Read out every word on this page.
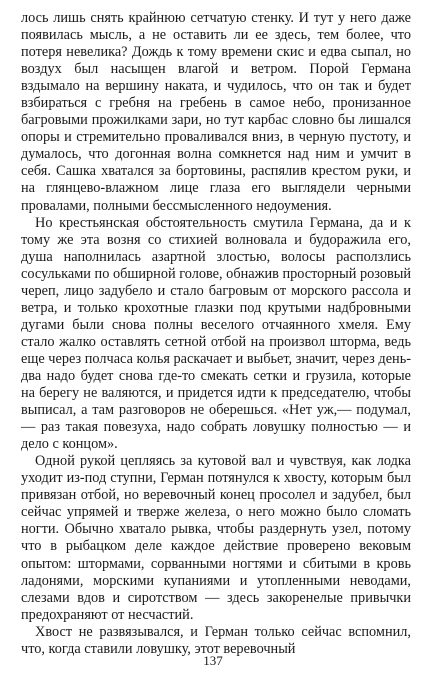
лось лишь снять крайнюю сетчатую стенку. И тут у него даже появилась мысль, а не оставить ли ее здесь, тем более, что потеря невелика? Дождь к тому времени скис и едва сыпал, но воздух был насыщен влагой и ветром. Порой Германа вздымало на вершину наката, и чудилось, что он так и будет взбираться с гребня на гребень в самое небо, пронизанное багровыми прожилками зари, но тут карбас словно бы лишался опоры и стремительно проваливался вниз, в черную пустоту, и думалось, что догонная волна сомкнется над ним и умчит в себя. Сашка хватался за бортовины, распялив крестом руки, и на глянцево-влажном лице глаза его выглядели черными провалами, полными бессмысленного недоумения.

Но крестьянская обстоятельность смутила Германа, да и к тому же эта возня со стихией волновала и будоражила его, душа наполнилась азартной злостью, волосы расползлись сосульками по обширной голове, обнажив просторный розовый череп, лицо задубело и стало багровым от морского рассола и ветра, и только крохотные глазки под крутыми надбровными дугами были снова полны веселого отчаянного хмеля. Ему стало жалко оставлять сетной отбой на произвол шторма, ведь еще через полчаса колья раскачает и выбьет, значит, через день-два надо будет снова где-то смекать сетки и грузила, которые на берегу не валяются, и придется идти к председателю, чтобы выписал, а там разговоров не оберешься. «Нет уж,— подумал,— раз такая повезуха, надо собрать ловушку полностью — и дело с концом».

Одной рукой цепляясь за кутовой вал и чувствуя, как лодка уходит из-под ступни, Герман потянулся к хвосту, которым был привязан отбой, но веревочный конец просолел и задубел, был сейчас упрямей и тверже железа, о него можно было сломать ногти. Обычно хватало рывка, чтобы раздернуть узел, потому что в рыбацком деле каждое действие проверено вековым опытом: штормами, сорванными ногтями и сбитыми в кровь ладонями, морскими купаниями и утопленными неводами, слезами вдов и сиротством — здесь закоренелые привычки предохраняют от несчастий.

Хвост не развязывался, и Герман только сейчас вспомнил, что, когда ставили ловушку, этот веревочный

137
